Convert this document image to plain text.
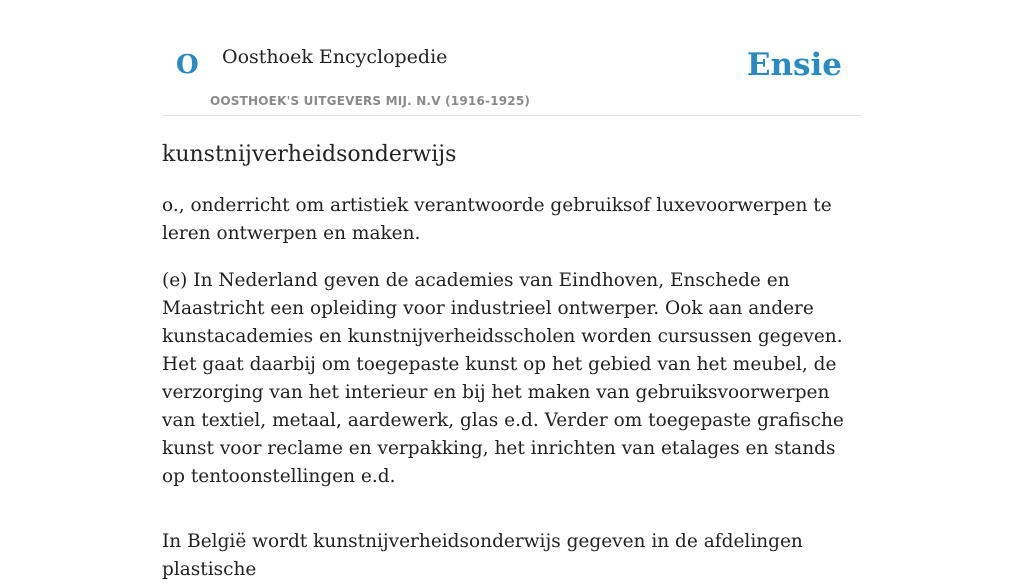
O Oosthoek Encyclopedie
OOSTHOEK'S UITGEVERS MIJ. N.V (1916-1925)
Ensie
kunstnijverheidsonderwijs

o., onderricht om artistiek verantwoorde gebruiksof luxevoorwerpen te leren ontwerpen en maken.

(e) In Nederland geven de academies van Eindhoven, Enschede en Maastricht een opleiding voor industrieel ontwerper. Ook aan andere kunstacademies en kunstnijverheidsscholen worden cursussen gegeven. Het gaat daarbij om toegepaste kunst op het gebied van het meubel, de verzorging van het interieur en bij het maken van gebruiksvoorwerpen van textiel, metaal, aardewerk, glas e.d. Verder om toegepaste grafische kunst voor reclame en verpakking, het inrichten van etalages en stands op tentoonstellingen e.d.

In België wordt kunstnijverheidsonderwijs gegeven in de afdelingen plastische
